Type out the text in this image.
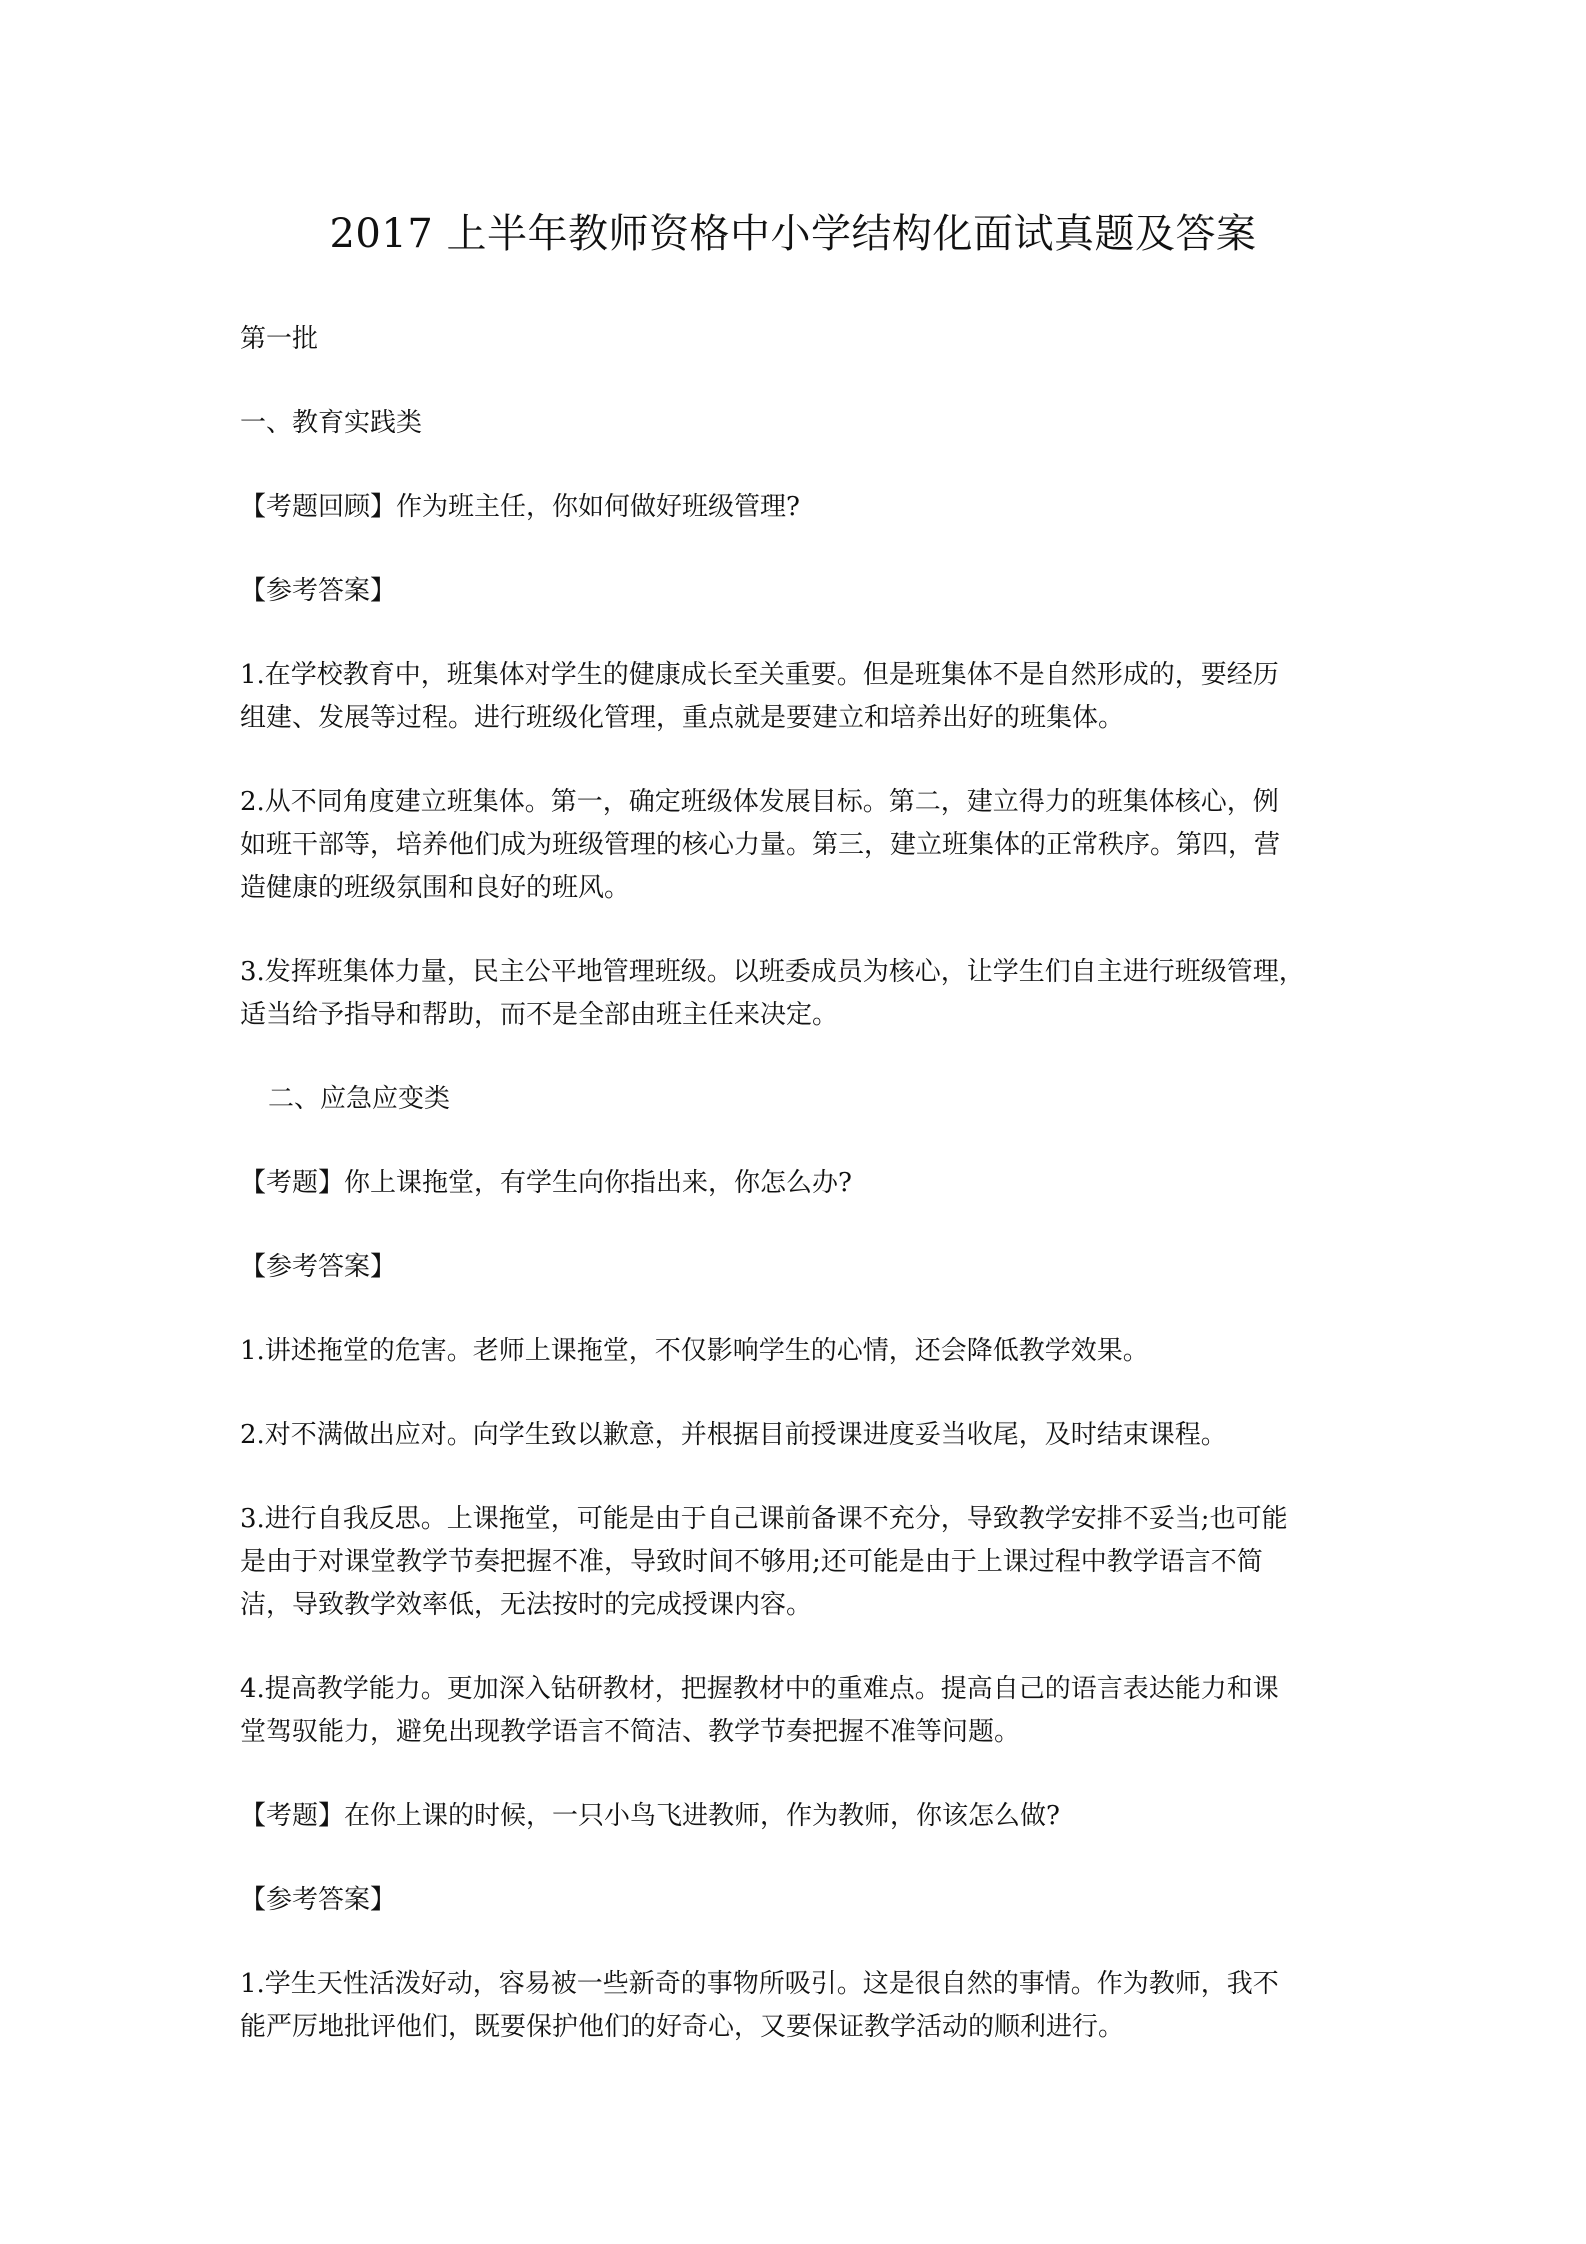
2017 上半年教师资格中小学结构化面试真题及答案

第一批

一、教育实践类

【考题回顾】作为班主任，你如何做好班级管理?

【参考答案】

1.在学校教育中，班集体对学生的健康成长至关重要。但是班集体不是自然形成的，要经历
组建、发展等过程。进行班级化管理，重点就是要建立和培养出好的班集体。

2.从不同角度建立班集体。第一，确定班级体发展目标。第二，建立得力的班集体核心，例
如班干部等，培养他们成为班级管理的核心力量。第三，建立班集体的正常秩序。第四，营
造健康的班级氛围和良好的班风。

3.发挥班集体力量，民主公平地管理班级。以班委成员为核心，让学生们自主进行班级管理，
适当给予指导和帮助，而不是全部由班主任来决定。

二、应急应变类

【考题】你上课拖堂，有学生向你指出来，你怎么办?

【参考答案】

1.讲述拖堂的危害。老师上课拖堂，不仅影响学生的心情，还会降低教学效果。

2.对不满做出应对。向学生致以歉意，并根据目前授课进度妥当收尾，及时结束课程。

3.进行自我反思。上课拖堂，可能是由于自己课前备课不充分，导致教学安排不妥当;也可能
是由于对课堂教学节奏把握不准，导致时间不够用;还可能是由于上课过程中教学语言不简
洁，导致教学效率低，无法按时的完成授课内容。

4.提高教学能力。更加深入钻研教材，把握教材中的重难点。提高自己的语言表达能力和课
堂驾驭能力，避免出现教学语言不简洁、教学节奏把握不准等问题。

【考题】在你上课的时候，一只小鸟飞进教师，作为教师，你该怎么做?

【参考答案】

1.学生天性活泼好动，容易被一些新奇的事物所吸引。这是很自然的事情。作为教师，我不
能严厉地批评他们，既要保护他们的好奇心，又要保证教学活动的顺利进行。
